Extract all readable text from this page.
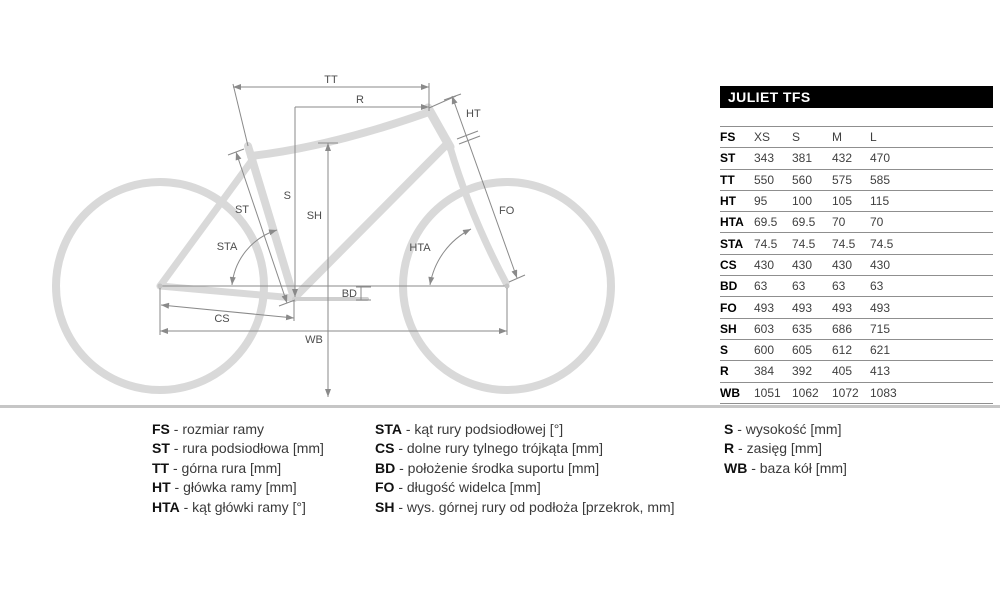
TT
R
HT
S
SH
ST
STA	HTA
FO
BD
CS
WB
JULIET TFS
FS	XS	S	M	L
ST	343	381	432	470
TT	550	560	575	585
HT	95	100	105	115
HTA	69.5	69.5	70	70
STA	74.5	74.5	74.5	74.5
CS	430	430	430	430
BD	63	63	63	63
FO	493	493	493	493
SH	603	635	686	715
S	600	605	612	621
R	384	392	405	413
WB	1051	1062	1072	1083
FS - rozmiar ramy
ST - rura podsiodłowa [mm]
TT - górna rura [mm]
HT - główka ramy [mm]
HTA - kąt główki ramy [°]
STA - kąt rury podsiodłowej [°]
CS - dolne rury tylnego trójkąta [mm]
BD - położenie środka suportu [mm]
FO - długość widelca [mm]
SH - wys. górnej rury od podłoża [przekrok, mm]
S - wysokość [mm]
R - zasięg [mm]
WB - baza kół [mm]
